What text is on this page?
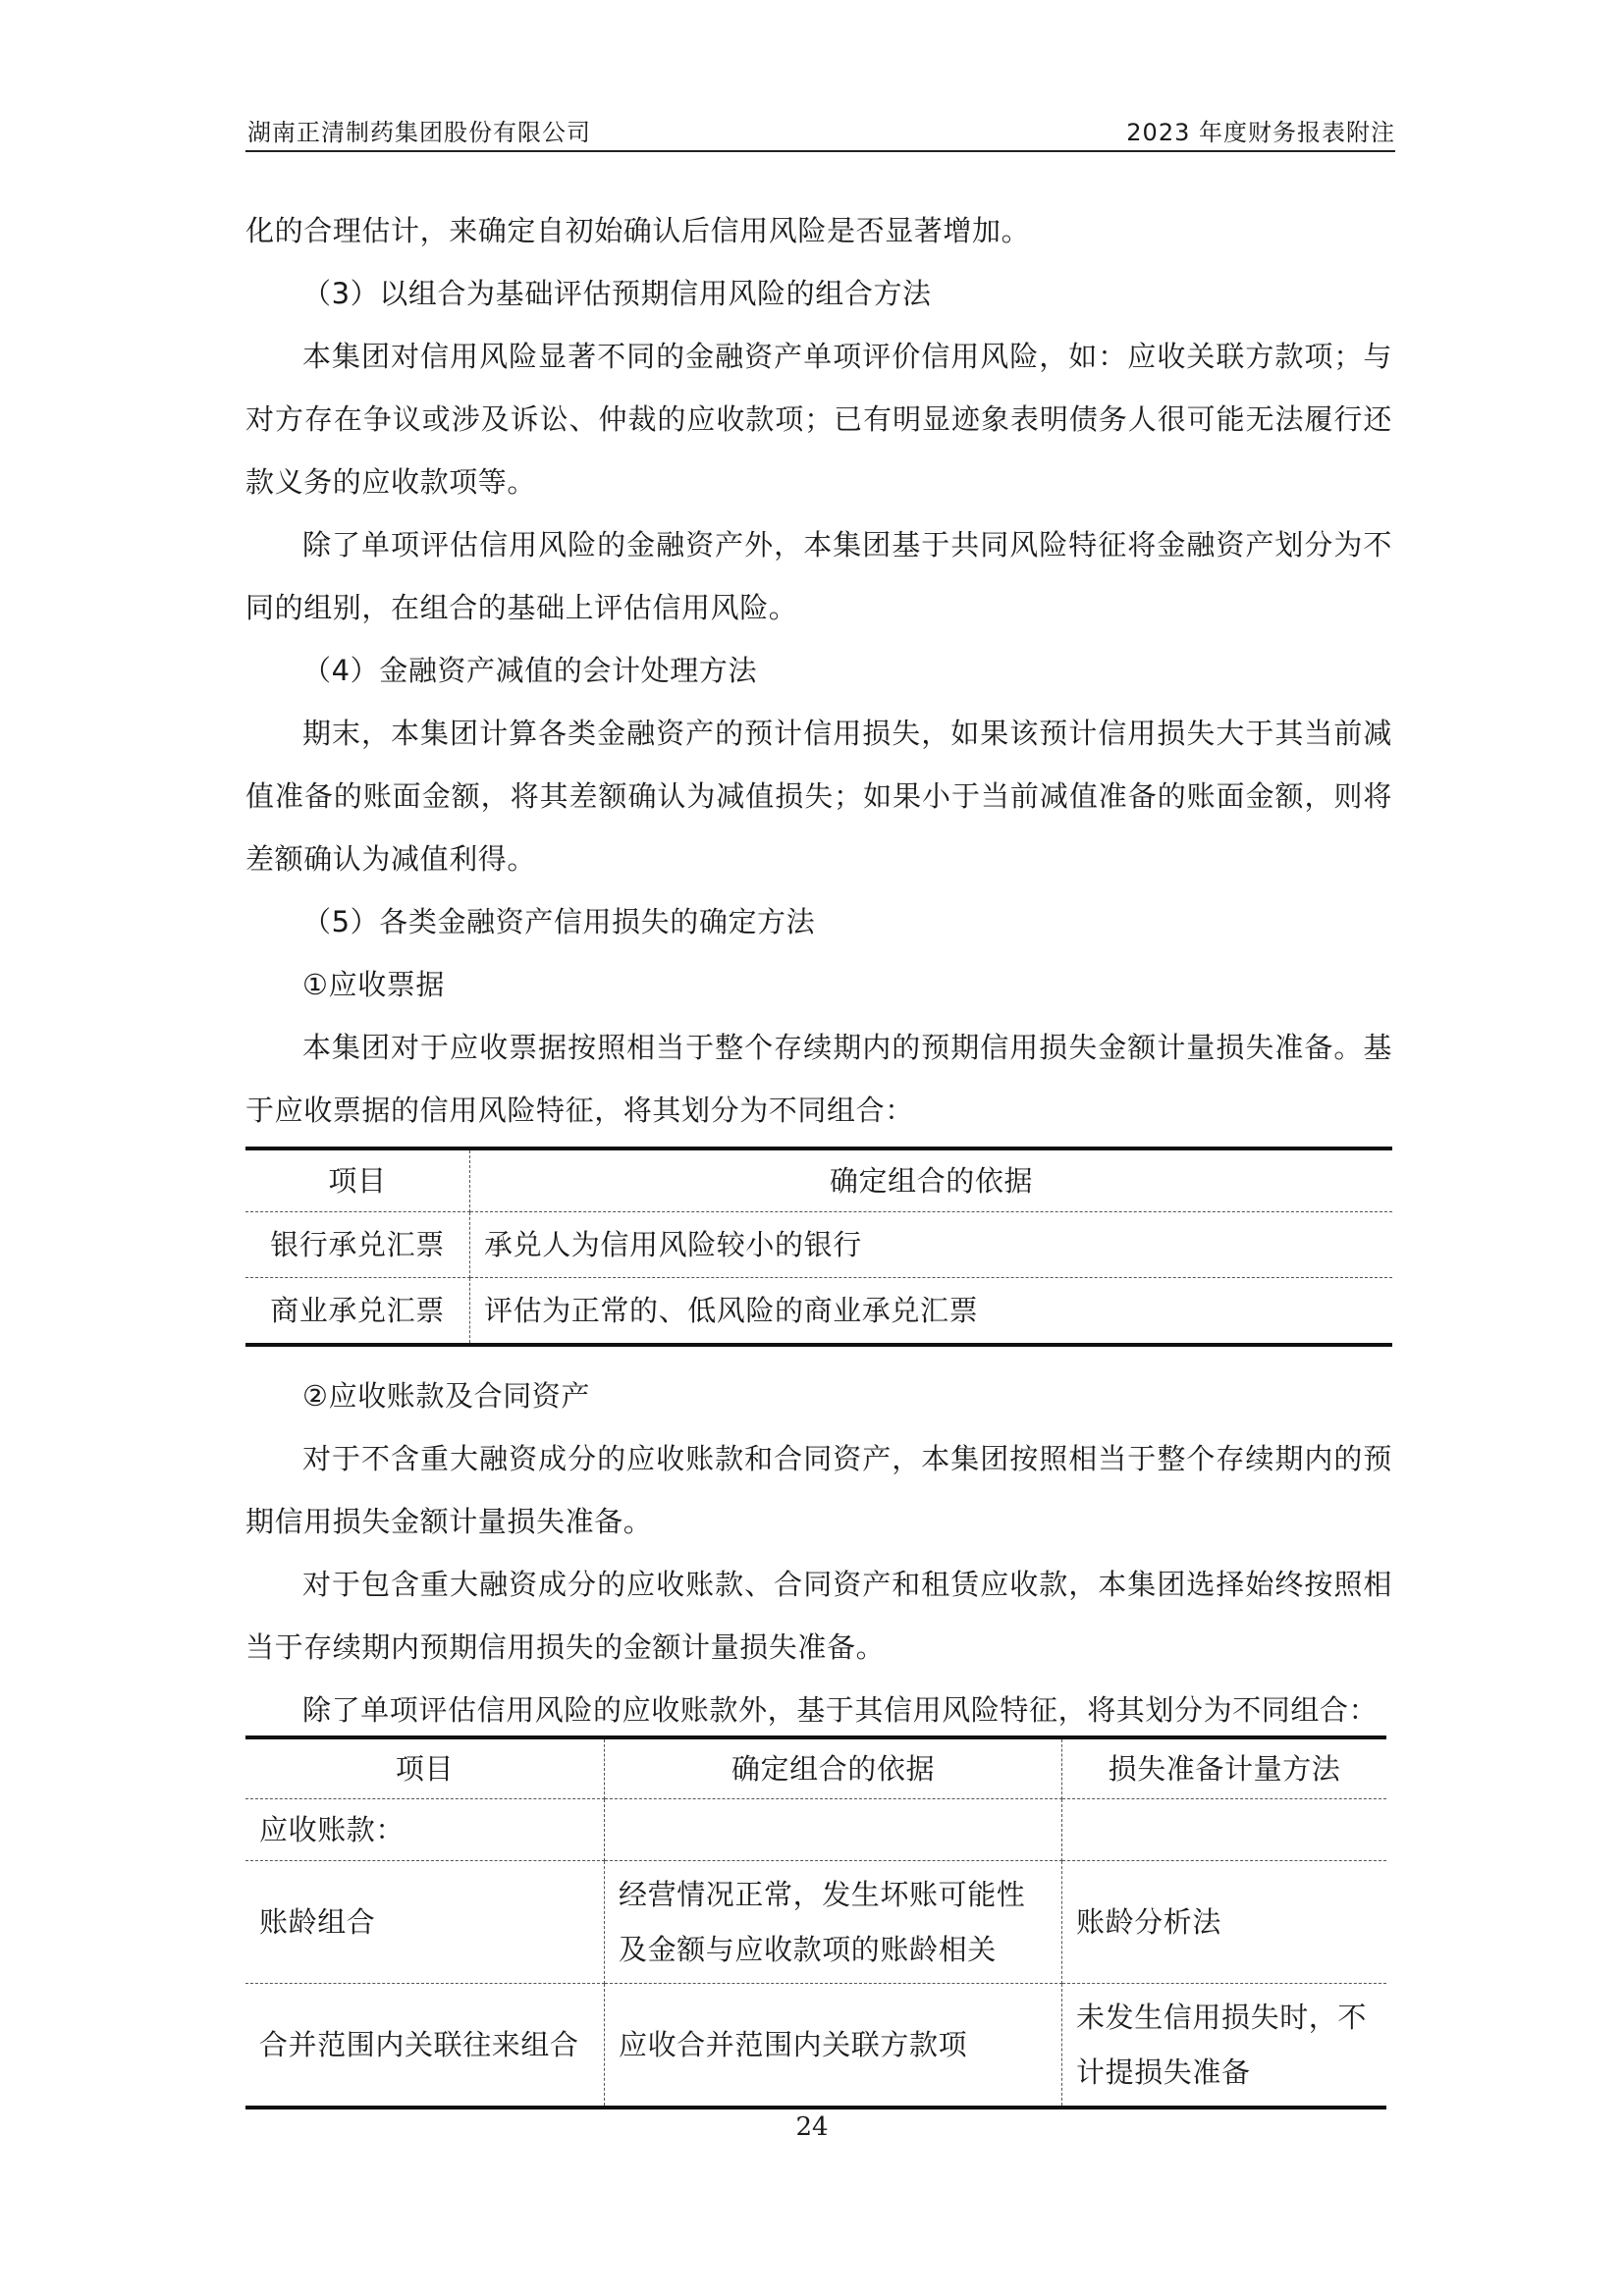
湖南正清制药集团股份有限公司	2023 年度财务报表附注

化的合理估计，来确定自初始确认后信用风险是否显著增加。

（3）以组合为基础评估预期信用风险的组合方法

本集团对信用风险显著不同的金融资产单项评价信用风险，如：应收关联方款项；与对方存在争议或涉及诉讼、仲裁的应收款项；已有明显迹象表明债务人很可能无法履行还款义务的应收款项等。

除了单项评估信用风险的金融资产外，本集团基于共同风险特征将金融资产划分为不同的组别，在组合的基础上评估信用风险。

（4）金融资产减值的会计处理方法

期末，本集团计算各类金融资产的预计信用损失，如果该预计信用损失大于其当前减值准备的账面金额，将其差额确认为减值损失；如果小于当前减值准备的账面金额，则将差额确认为减值利得。

（5）各类金融资产信用损失的确定方法

①应收票据

本集团对于应收票据按照相当于整个存续期内的预期信用损失金额计量损失准备。基于应收票据的信用风险特征，将其划分为不同组合：

项目	确定组合的依据
银行承兑汇票	承兑人为信用风险较小的银行
商业承兑汇票	评估为正常的、低风险的商业承兑汇票

②应收账款及合同资产

对于不含重大融资成分的应收账款和合同资产，本集团按照相当于整个存续期内的预期信用损失金额计量损失准备。

对于包含重大融资成分的应收账款、合同资产和租赁应收款，本集团选择始终按照相当于存续期内预期信用损失的金额计量损失准备。

除了单项评估信用风险的应收账款外，基于其信用风险特征，将其划分为不同组合：

项目	确定组合的依据	损失准备计量方法
应收账款：		
账龄组合	经营情况正常，发生坏账可能性及金额与应收款项的账龄相关	账龄分析法
合并范围内关联往来组合	应收合并范围内关联方款项	未发生信用损失时，不计提损失准备
24
